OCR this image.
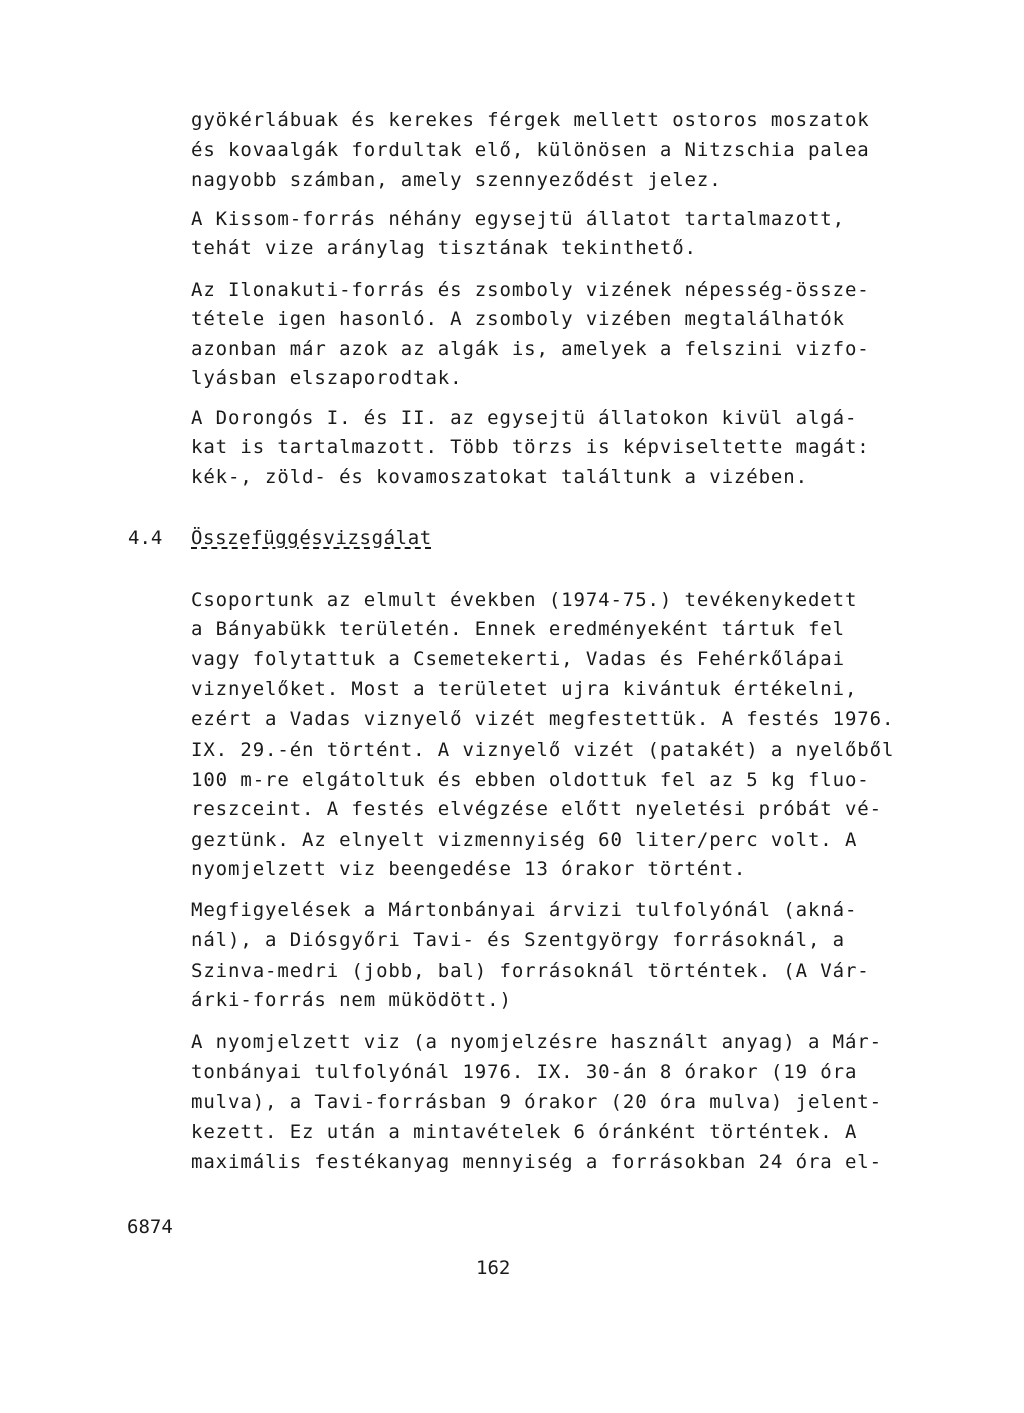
gyökérlábuak és kerekes férgek mellett ostoros moszatok
és kovaalgák fordultak elő, különösen a Nitzschia palea
nagyobb számban, amely szennyeződést jelez.
A Kissom-forrás néhány egysejtü állatot tartalmazott,
tehát vize aránylag tisztának tekinthető.
Az Ilonakuti-forrás és zsomboly vizének népesség-össze-
tétele igen hasonló. A zsomboly vizében megtalálhatók
azonban már azok az algák is, amelyek a felszini vizfo-
lyásban elszaporodtak.
A Dorongós I. és II. az egysejtü állatokon kivül algá-
kat is tartalmazott. Több törzs is képviseltette magát:
kék-, zöld- és kovamoszatokat találtunk a vizében.
4.4 Összefüggésvizsgálat
Csoportunk az elmult években (1974-75.) tevékenykedett
a Bányabükk területén. Ennek eredményeként tártuk fel
vagy folytattuk a Csemetekerti, Vadas és Fehérkőlápai
viznyelőket. Most a területet ujra kivántuk értékelni,
ezért a Vadas viznyelő vizét megfestettük. A festés 1976.
IX. 29.-én történt. A viznyelő vizét (patakét) a nyelőből
100 m-re elgátoltuk és ebben oldottuk fel az 5 kg fluo-
reszceint. A festés elvégzése előtt nyeletési próbát vé-
geztünk. Az elnyelt vizmennyiség 60 liter/perc volt. A
nyomjelzett viz beengedése 13 órakor történt.
Megfigyelések a Mártonbányai árvizi tulfolyónál (akná-
nál), a Diósgyőri Tavi- és Szentgyörgy forrásoknál, a
Szinva-medri (jobb, bal) forrásoknál történtek. (A Vár-
árki-forrás nem müködött.)
A nyomjelzett viz (a nyomjelzésre használt anyag) a Már-
tonbányai tulfolyónál 1976. IX. 30-án 8 órakor (19 óra
mulva), a Tavi-forrásban 9 órakor (20 óra mulva) jelent-
kezett. Ez után a mintavételek 6 óránként történtek. A
maximális festékanyag mennyiség a forrásokban 24 óra el-
6874
162
